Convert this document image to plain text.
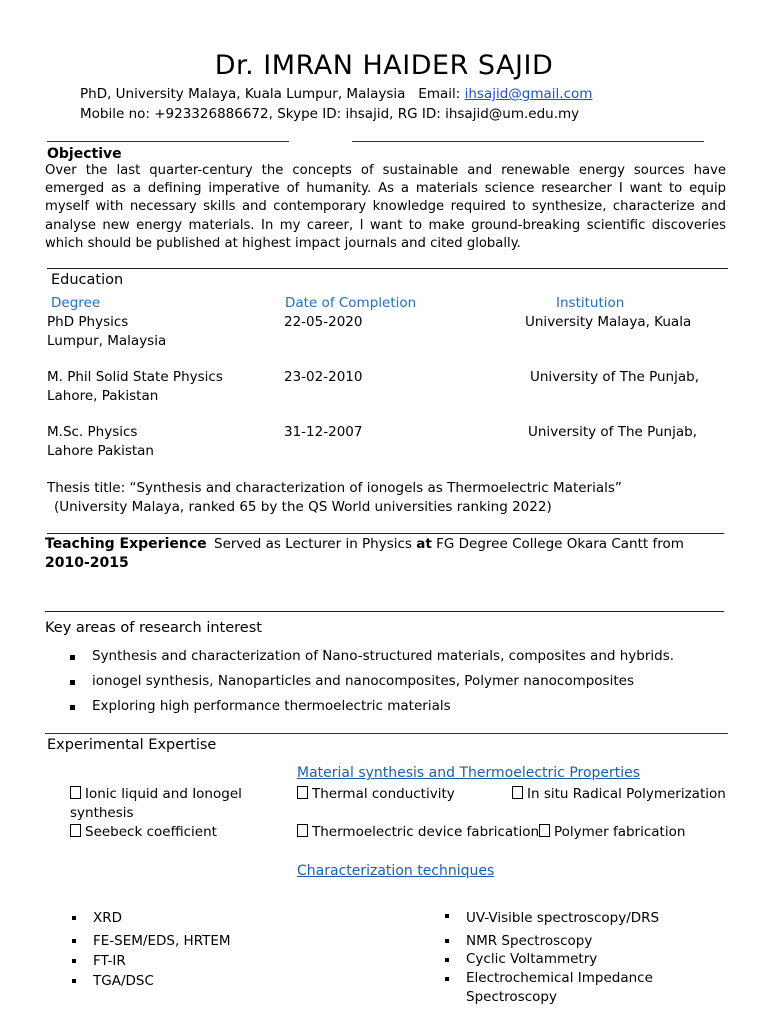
Dr. IMRAN HAIDER SAJID
PhD, University Malaya, Kuala Lumpur, Malaysia Email: ihsajid@gmail.com
Mobile no: +923326886672, Skype ID: ihsajid, RG ID: ihsajid@um.edu.my
Objective
Over the last quarter-century the concepts of sustainable and renewable energy sources have emerged as a defining imperative of humanity. As a materials science researcher I want to equip myself with necessary skills and contemporary knowledge required to synthesize, characterize and analyse new energy materials. In my career, I want to make ground-breaking scientific discoveries which should be published at highest impact journals and cited globally.
Education
Degree	Date of Completion	Institution
PhD Physics	22-05-2020	University Malaya, Kuala
Lumpur, Malaysia
M. Phil Solid State Physics	23-02-2010	University of The Punjab,
Lahore, Pakistan
M.Sc. Physics	31-12-2007	University of The Punjab,
Lahore Pakistan
Thesis title: “Synthesis and characterization of ionogels as Thermoelectric Materials”
(University Malaya, ranked 65 by the QS World universities ranking 2022)
Teaching Experience Served as Lecturer in Physics at FG Degree College Okara Cantt from
2010-2015
Key areas of research interest
Synthesis and characterization of Nano-structured materials, composites and hybrids.
ionogel synthesis, Nanoparticles and nanocomposites, Polymer nanocomposites
Exploring high performance thermoelectric materials
Experimental Expertise
Material synthesis and Thermoelectric Properties
Ionic liquid and Ionogel
synthesis
Thermal conductivity	In situ Radical Polymerization
Seebeck coefficient	Thermoelectric device fabrication	Polymer fabrication
Characterization techniques
XRD
FE-SEM/EDS, HRTEM
FT-IR
TGA/DSC
UV-Visible spectroscopy/DRS
NMR Spectroscopy
Cyclic Voltammetry
Electrochemical Impedance
Spectroscopy
